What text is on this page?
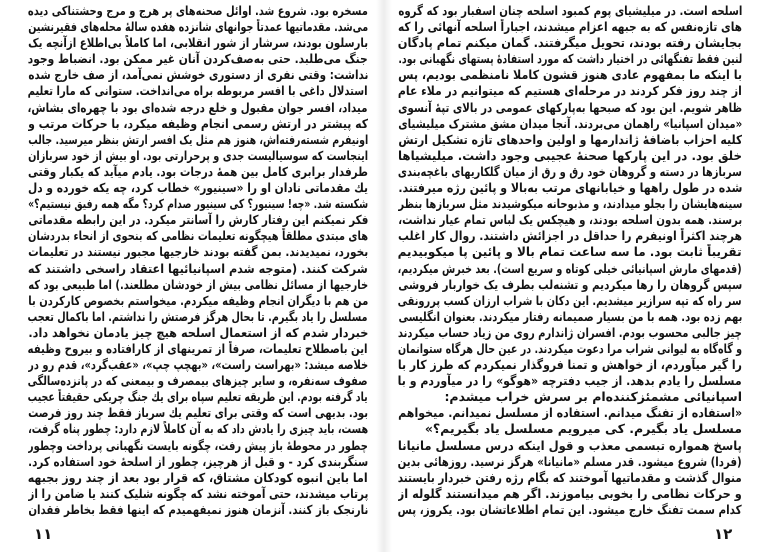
مسخره بود. شروع شد. اوائل صحنه‌های پر هرج و مرج وحشتناکی دیده
می‌شد. مقدماتیها عمدتاً جوانهای شانزده هفده سالهٔ محله‌های فقیرنشین
بارسلون بودند، سرشار از شور انقلابی، اما کاملاً بی‌اطلاع ازآنچه یک
جنگ می‌طلبد. حتی به‌صف‌کردن آنان غیر ممکن بود. انضباط وجود
نداشت: وقتی نفری از دستوری خوشش نمی‌آمد، از صف خارج شده
استدلال داغی با افسر مربوطه براه می‌انداخت. ستوانی که مارا تعلیم
میداد، افسر جوان مقبول و خلع درجه شده‌ای بود با چهره‌ای بشاش،
که پیشتر در ارتش رسمی انجام وظیفه میکرد، با حرکات مرتب و
اونیفرم شسته‌رفته‌اش، هنوز هم مثل یک افسر ارتش بنظر میرسید. جالب
اینجاست که سوسیالیست جدی و پرحرارتی بود. او بیش از خود سربازان
طرفدار برابری کامل بین همهٔ درجات بود. یادم میآید که یکبار وقتی
یك مقدماتی نادان او را «سینیور» خطاب کرد، چه یکه خورده و دل
شکسته شد. «چه! سینیور؟ کی سینیور صدام کرد؟ مگه همه رفیق نیستیم؟»
فکر نمیکنم این رفتار کارش را آسانتر میکرد. در این رابطه مقدماتی
های مبتدی مطلقاً هیچگونه تعلیمات نظامی که بنحوی از انحاء بدردشان
بخورد، نمیدیدند. بمن گفته بودند خارجیها مجبور نیستند در تعلیمات
شرکت کنند. (متوجه شدم اسپانیائیها اعتقاد راسخی داشتند که
خارجیها از مسائل نظامی بیش از خودشان مطلعند.) اما طبیعی بود که
من هم با دیگران انجام وظیفه میکردم. میخواستم بخصوص کارکردن با
مسلسل را یاد بگیرم. تا بحال هرگز فرصتش را نداشتم. اما باکمال تعجب
خبردار شدم که از استعمال اسلحه هیچ چیز یادمان نخواهد داد.
این باصطلاح تعلیمات، صرفاً از تمرینهای از کارافتاده و بیروح وظیفه
خلاصه میشد: «بهراست راست»، «بهچپ چپ»، «عقب‌گرد»، قدم رو در
صفوف سه‌نفره، و سایر چیزهای بیمصرف و بیمعنی که در پانزده‌سالگی
یاد گرفته بودم. این طریقه تعلیم سپاه برای یك جنگ چریکی حقیقتاً عجیب
بود. بدیهی است که وقتی برای تعلیم یك سرباز فقط چند روز فرصت
هست، باید چیزی را یادش داد که به آن کاملاً لازم دارد: چطور پناه گرفت،
چطور در محوطهٔ باز پیش رفت، چگونه بایست نگهبانی پرداخت وچطور
سنگربندی کرد - و قبل از هرچیز، چطور از اسلحهٔ خود استفاده کرد.
اما باین انبوه کودکان مشتاق، که قرار بود بعد از چند روز بجبهه
پرتاب میشدند، حتی آموخته نشد که چگونه شلیک کنند یا ضامن را از
نارنجک باز کنند. آنزمان هنوز نمیفهمیدم که اینها فقط بخاطر فقدان
اسلحه است. در میلیشیای پوم کمبود اسلحه چنان اسفبار بود که گروه
های تازه‌نفس که به جبهه اعزام میشدند، اجباراً اسلحه آنهائی را که
بجایشان رفته بودند، تحویل میگرفتند. گمان میکنم تمام پادگان
لنین فقط تفنگهائی در اختیار داشت که مورد استفادهٔ پستهای نگهبانی بود.
با اینکه ما بمفهوم عادی هنوز قشون کاملا نامنظمی بودیم، پس
از چند روز فکر کردند در مرحله‌ای هستیم که میتوانیم در ملاء عام
ظاهر شویم. این بود که صبحها به‌پارکهای عمومی در بالای تپهٔ آنسوی
«میدان اسپانیا» راهمان می‌بردند. آنجا میدان مشق مشترک میلیشیای
کلیه احزاب باضافهٔ ژاندارمها و اولین واحدهای تازه تشکیل ارتش
خلق بود. در این پارکها صحنهٔ عجیبی وجود داشت. میلیشیاها
سربازها در دسته و گروهان خود رق و رق از میان گلکاریهای باغچه‌بندی
شده در طول راهها و خیابانهای مرتب به‌بالا و پائین رژه میرفتند.
سینه‌هایشان را بجلو میدادند، و مذبوحانه میکوشیدند مثل سربازها بنظر
برسند. همه بدون اسلحه بودند، و هیچکس یک لباس تمام عیار نداشت،
هرچند اکثراً اونیفرم را حداقل در اجزائش داشتند. روال کار اغلب
تقریباً ثابت بود. ما سه ساعت تمام بالا و پائین پا میکوبیدیم
(قدمهای مارش اسپانیائی خیلی کوتاه و سریع است). بعد خبرش میکردیم،
سپس گروهان را رها میکردیم و تشنه‌لب بطرف یک خواربار فروشی
سر راه که تپه سرازیر میشدیم. این دکان با شراب ارزان کسب پررونقی
بهم زده بود. همه با من بسیار صمیمانه رفتار میکردند. بعنوان انگلیسی
چیز جالبی محسوب بودم. افسران ژاندارم روی من زیاد حساب میکردند
و گاه‌گاه به لیوانی شراب مرا دعوت میکردند. در عین حال هرگاه ستوانمان
را گیر میآوردم، از خواهش و تمنا فروگذار نمیکردم که طرز کار با
مسلسل را یادم بدهد. از جیب دفترچه «هوگو» را در میآوردم و با
اسپانیائی مشمئزکننده‌ام بر سرش خراب میشدم:
«استفاده از تفنگ میدانم. استفاده از مسلسل نمیدانم. میخواهم
مسلسل یاد بگیرم. کی میرویم مسلسل یاد بگیریم؟»
پاسخ همواره تبسمی معذب و قول اینکه درس مسلسل مانیانا
(فردا) شروع میشود. قدر مسلم «مانیانا» هرگز نرسید. روزهائی بدین
منوال گذشت و مقدماتیها آموختند که بگام رژه رفتن خبردار بایستند
و حرکات نظامی را بخوبی بیاموزند. اگر هم میدانستند گلوله از
کدام سمت تفنگ خارج میشود. این تمام اطلاعاتشان بود. یکروز، پس
۱۱	۱۲
